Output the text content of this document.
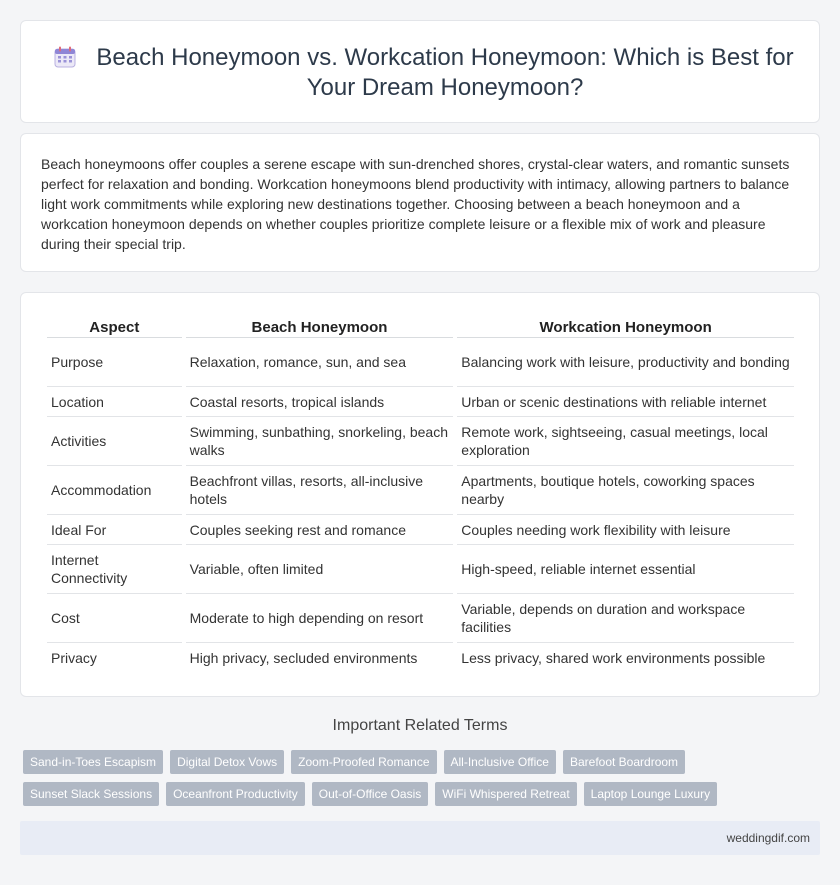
Beach Honeymoon vs. Workcation Honeymoon: Which is Best for Your Dream Honeymoon?

Beach honeymoons offer couples a serene escape with sun-drenched shores, crystal-clear waters, and romantic sunsets perfect for relaxation and bonding. Workcation honeymoons blend productivity with intimacy, allowing partners to balance light work commitments while exploring new destinations together. Choosing between a beach honeymoon and a workcation honeymoon depends on whether couples prioritize complete leisure or a flexible mix of work and pleasure during their special trip.

Aspect	Beach Honeymoon	Workcation Honeymoon
Purpose	Relaxation, romance, sun, and sea	Balancing work with leisure, productivity and bonding
Location	Coastal resorts, tropical islands	Urban or scenic destinations with reliable internet
Activities	Swimming, sunbathing, snorkeling, beach walks	Remote work, sightseeing, casual meetings, local exploration
Accommodation	Beachfront villas, resorts, all-inclusive hotels	Apartments, boutique hotels, coworking spaces nearby
Ideal For	Couples seeking rest and romance	Couples needing work flexibility with leisure
Internet Connectivity	Variable, often limited	High-speed, reliable internet essential
Cost	Moderate to high depending on resort	Variable, depends on duration and workspace facilities
Privacy	High privacy, secluded environments	Less privacy, shared work environments possible
Important Related Terms
Sand-in-Toes Escapism	Digital Detox Vows	Zoom-Proofed Romance	All-Inclusive Office	Barefoot Boardroom
Sunset Slack Sessions	Oceanfront Productivity	Out-of-Office Oasis	WiFi Whispered Retreat	Laptop Lounge Luxury
weddingdif.com
